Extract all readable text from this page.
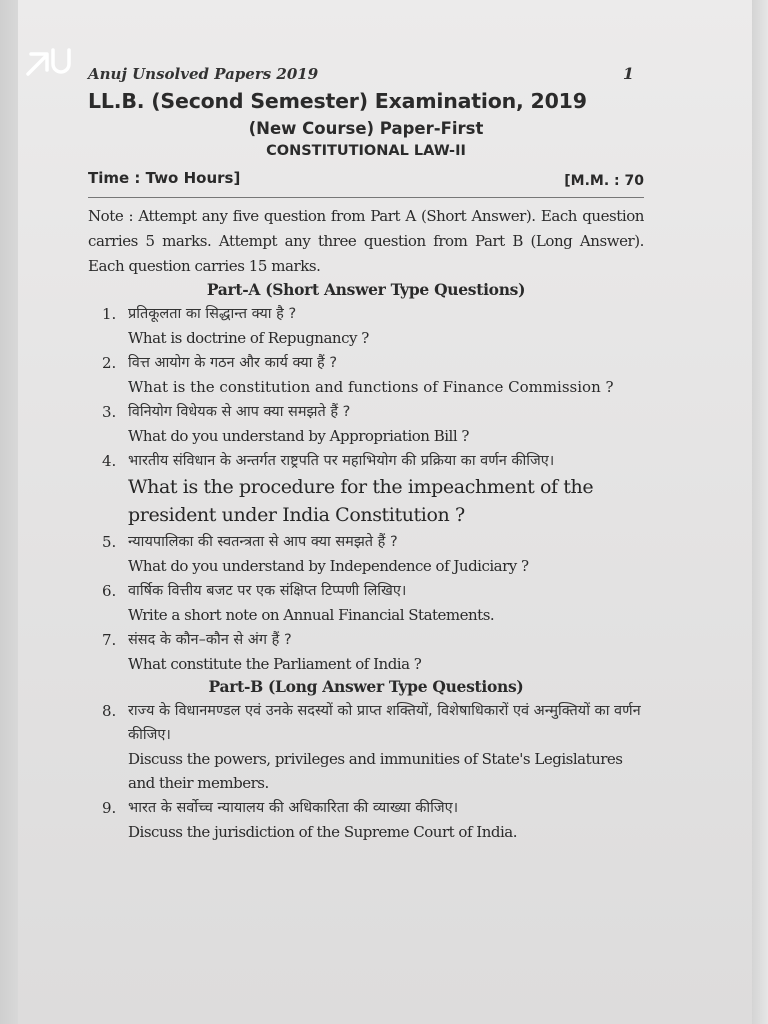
Anuj Unsolved Papers 2019	1
LL.B. (Second Semester) Examination, 2019
(New Course) Paper-First
CONSTITUTIONAL LAW-II
Time : Two Hours]	[M.M. : 70
Note : Attempt any five question from Part A (Short Answer). Each question carries 5 marks. Attempt any three question from Part B (Long Answer). Each question carries 15 marks.
Part-A (Short Answer Type Questions)
1. प्रतिकूलता का सिद्धान्त क्या है ?
What is doctrine of Repugnancy ?
2. वित्त आयोग के गठन और कार्य क्या हैं ?
What is the constitution and functions of Finance Commission ?
3. विनियोग विधेयक से आप क्या समझते हैं ?
What do you understand by Appropriation Bill ?
4. भारतीय संविधान के अन्तर्गत राष्ट्रपति पर महाभियोग की प्रक्रिया का वर्णन कीजिए।
What is the procedure for the impeachment of the president under India Constitution ?
5. न्यायपालिका की स्वतन्त्रता से आप क्या समझते हैं ?
What do you understand by Independence of Judiciary ?
6. वार्षिक वित्तीय बजट पर एक संक्षिप्त टिप्पणी लिखिए।
Write a short note on Annual Financial Statements.
7. संसद के कौन–कौन से अंग हैं ?
What constitute the Parliament of India ?
Part-B (Long Answer Type Questions)
8. राज्य के विधानमण्डल एवं उनके सदस्यों को प्राप्त शक्तियों, विशेषाधिकारों एवं अन्मुक्तियों का वर्णन कीजिए।
Discuss the powers, privileges and immunities of State's Legislatures and their members.
9. भारत के सर्वोच्च न्यायालय की अधिकारिता की व्याख्या कीजिए।
Discuss the jurisdiction of the Supreme Court of India.
